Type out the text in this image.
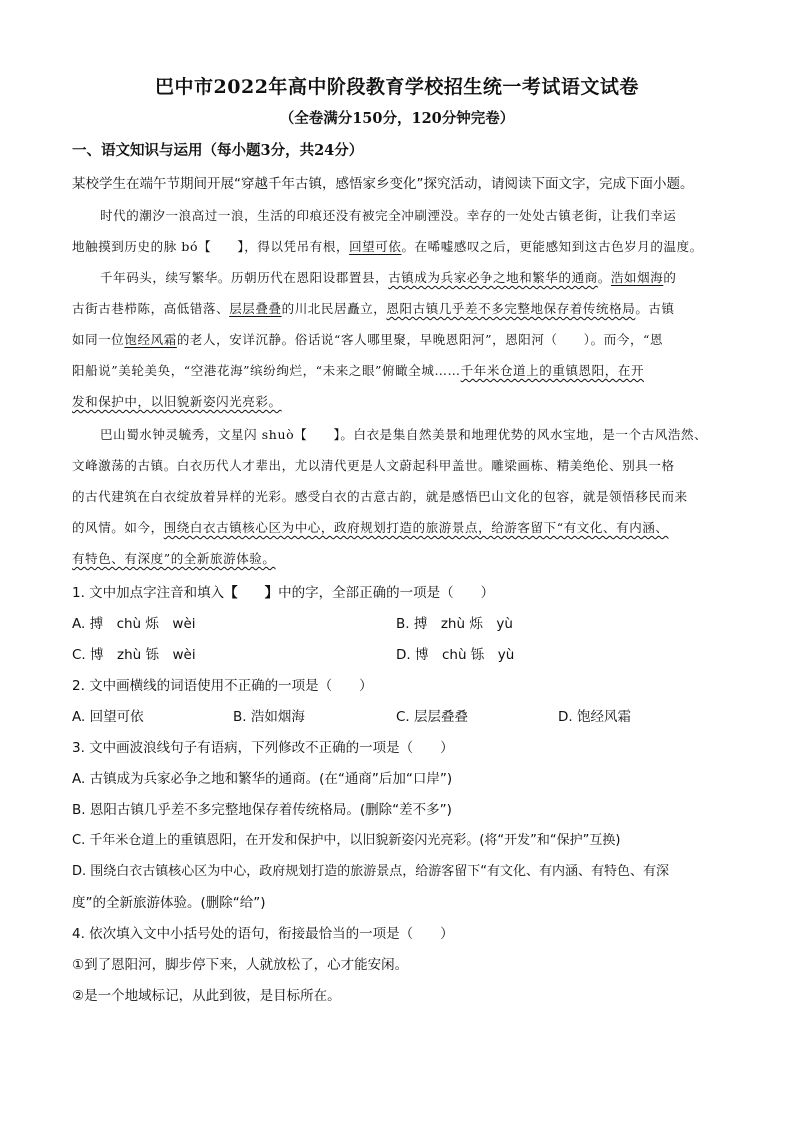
巴中市2022年高中阶段教育学校招生统一考试语文试卷
（全卷满分150分，120分钟完卷）
一、语文知识与运用（每小题3分，共24分）
某校学生在端午节期间开展“穿越千年古镇，感悟家乡变化”探究活动，请阅读下面文字，完成下面小题。
时代的潮汐一浪高过一浪，生活的印痕还没有被完全冲刷湮没。幸存的一处处古镇老街，让我们幸运
地触摸到历史的脉 bó【　　】，得以凭吊有根，回望可依。在唏嘘感叹之后，更能感知到这古色岁月的温度。
千年码头，续写繁华。历朝历代在恩阳设郡置县，古镇成为兵家必争之地和繁华的通商。浩如烟海的
古街古巷栉陈，高低错落、层层叠叠的川北民居矗立，恩阳古镇几乎差不多完整地保存着传统格局。古镇
如同一位饱经风霜的老人，安详沉静。俗话说“客人哪里聚，早晚恩阳河”，恩阳河（　　）。而今，“恩
阳船说”美轮美奂，“空港花海”缤纷绚烂，“未来之眼”俯瞰全城……千年米仓道上的重镇恩阳，在开
发和保护中，以旧貌新姿闪光亮彩。
巴山蜀水钟灵毓秀，文星闪 shuò【　　】。白衣是集自然美景和地理优势的风水宝地，是一个古风浩然、
文峰激荡的古镇。白衣历代人才辈出，尤以清代更是人文蔚起科甲盖世。雕梁画栋、精美绝伦、别具一格
的古代建筑在白衣绽放着异样的光彩。感受白衣的古意古韵，就是感悟巴山文化的包容，就是领悟移民而来
的风情。如今，围绕白衣古镇核心区为中心，政府规划打造的旅游景点，给游客留下“有文化、有内涵、
有特色、有深度”的全新旅游体验。
1. 文中加点字注音和填入【　　】中的字，全部正确的一项是（　　）
A. 搏　chù 烁　wèi	B. 搏　zhù 烁　yù
C. 博　zhù 铄　wèi	D. 博　chù 铄　yù
2. 文中画横线的词语使用不正确的一项是（　　）
A. 回望可依	B. 浩如烟海	C. 层层叠叠	D. 饱经风霜
3. 文中画波浪线句子有语病，下列修改不正确的一项是（　　）
A. 古镇成为兵家必争之地和繁华的通商。(在“通商”后加“口岸”)
B. 恩阳古镇几乎差不多完整地保存着传统格局。(删除“差不多”)
C. 千年米仓道上的重镇恩阳，在开发和保护中，以旧貌新姿闪光亮彩。(将“开发”和“保护”互换)
D. 围绕白衣古镇核心区为中心，政府规划打造的旅游景点，给游客留下“有文化、有内涵、有特色、有深
度”的全新旅游体验。(删除“给”)
4. 依次填入文中小括号处的语句，衔接最恰当的一项是（　　）
①到了恩阳河，脚步停下来，人就放松了，心才能安闲。
②是一个地域标记，从此到彼，是目标所在。
